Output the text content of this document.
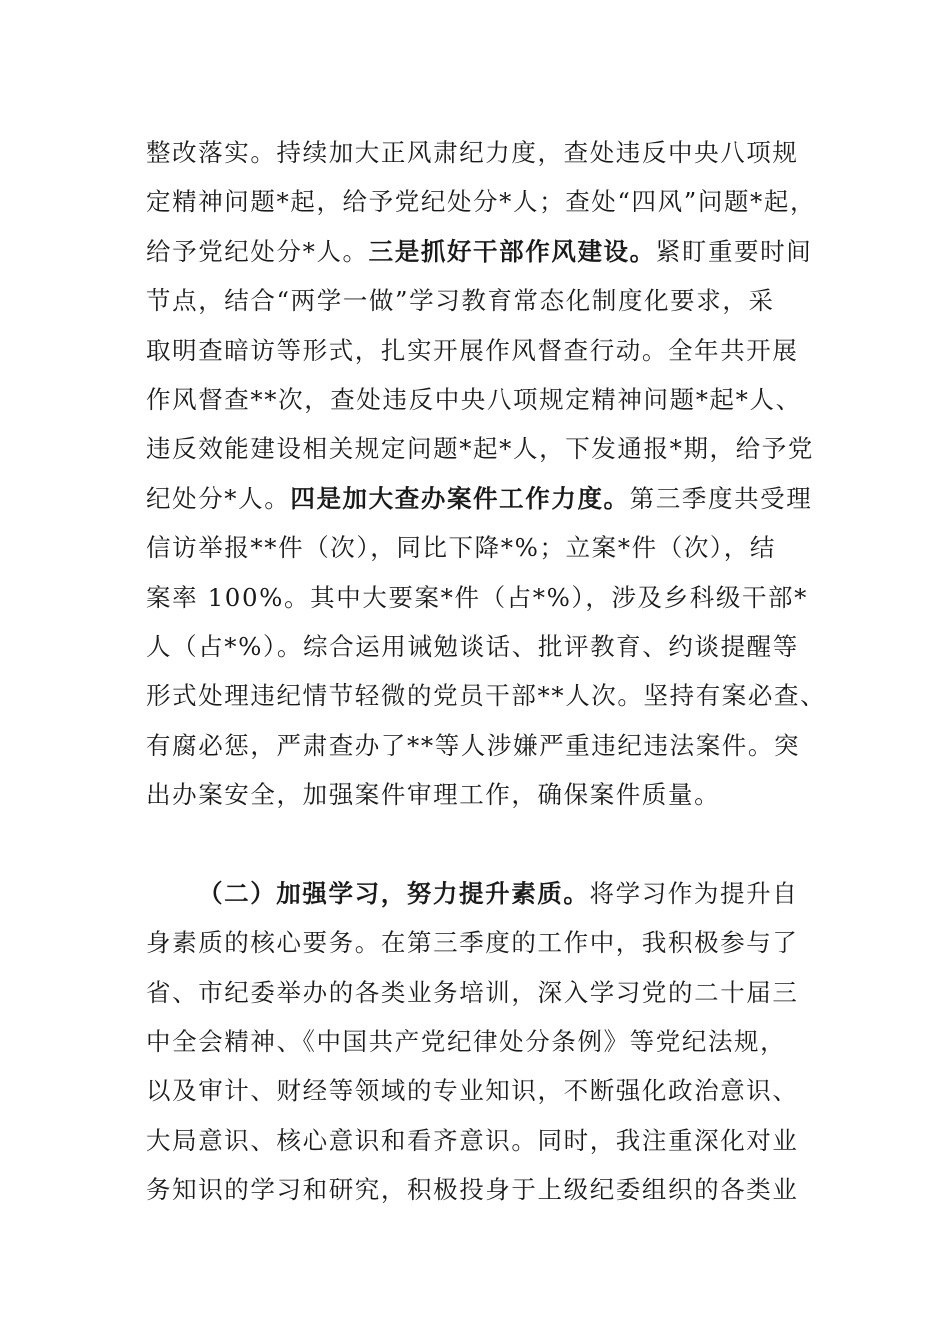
整改落实。持续加大正风肃纪力度，查处违反中央八项规
定精神问题*起，给予党纪处分*人；查处“四风”问题*起，
给予党纪处分*人。三是抓好干部作风建设。紧盯重要时间
节点，结合“两学一做”学习教育常态化制度化要求，采
取明查暗访等形式，扎实开展作风督查行动。全年共开展
作风督查**次，查处违反中央八项规定精神问题*起*人、
违反效能建设相关规定问题*起*人，下发通报*期，给予党
纪处分*人。四是加大查办案件工作力度。第三季度共受理
信访举报**件（次），同比下降*%；立案*件（次），结
案率 100%。其中大要案*件（占*%），涉及乡科级干部*
人（占*%）。综合运用诫勉谈话、批评教育、约谈提醒等
形式处理违纪情节轻微的党员干部**人次。坚持有案必查、
有腐必惩，严肃查办了**等人涉嫌严重违纪违法案件。突
出办案安全，加强案件审理工作，确保案件质量。
（二）加强学习，努力提升素质。将学习作为提升自
身素质的核心要务。在第三季度的工作中，我积极参与了
省、市纪委举办的各类业务培训，深入学习党的二十届三
中全会精神、《中国共产党纪律处分条例》等党纪法规，
以及审计、财经等领域的专业知识，不断强化政治意识、
大局意识、核心意识和看齐意识。同时，我注重深化对业
务知识的学习和研究，积极投身于上级纪委组织的各类业
